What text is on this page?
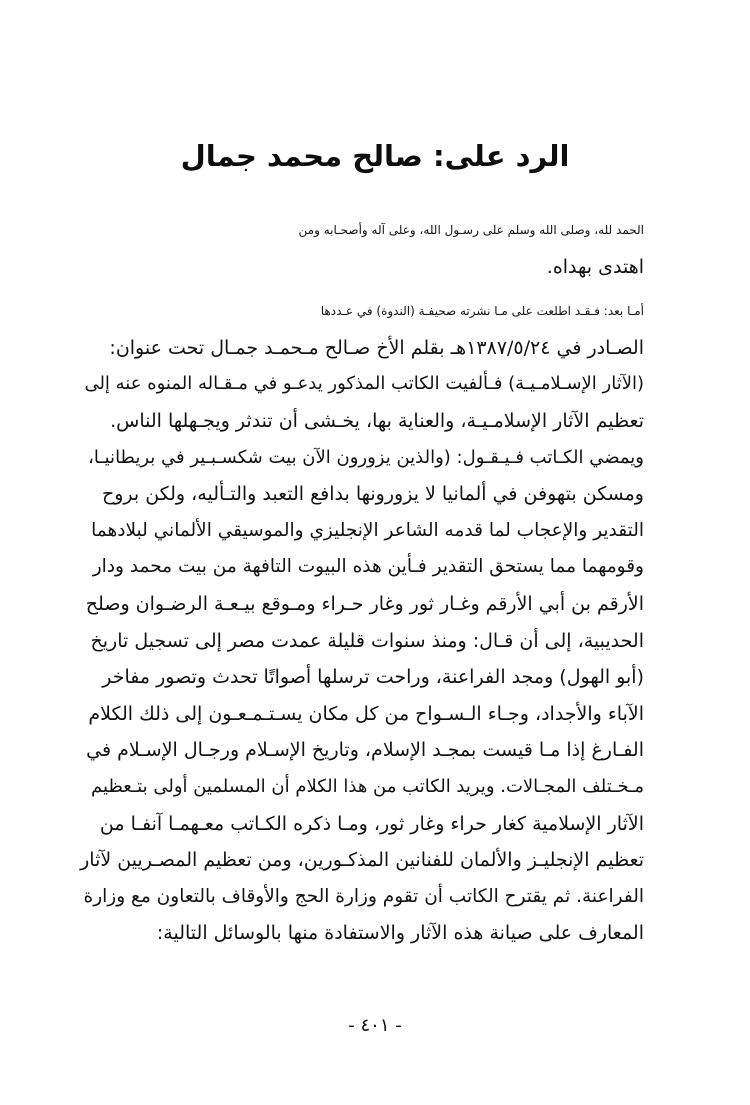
الرد على: صالح محمد جمال

الحمد لله، وصلى الله وسلم على رسـول الله، وعلى آله وأصحـابه ومن
اهتدى بهداه.

أمـا بعد: فـقـد اطلعت على مـا نشرته صحيفـة (الندوة) في عـددها
الصـادر في ١٣٨٧/٥/٢٤هـ بقلم الأخ صـالح مـحمـد جمـال تحت عنوان:
(الآثار الإسـلامـيـة) فـألفيت الكاتب المذكور يدعـو في مـقـاله المنوه عنه إلى
تعظيم الآثار الإسلامـيـة، والعناية بها، يخـشى أن تندثر ويجـهلها الناس.
ويمضي الكـاتب فـيـقـول: (والذين يزورون الآن بيت شكسـبـير في بريطانيـا،
ومسكن بتهوفن في ألمانيا لا يزورونها بدافع التعبد والتـأليه، ولكن بروح
التقدير والإعجاب لما قدمه الشاعر الإنجليزي والموسيقي الألماني لبلادهما
وقومهما مما يستحق التقدير فـأين هذه البيوت التافهة من بيت محمد ودار
الأرقم بن أبي الأرقم وغـار ثور وغار حـراء ومـوقع بيـعـة الرضـوان وصلح
الحديبية، إلى أن قـال: ومنذ سنوات قليلة عمدت مصر إلى تسجيل تاريخ
(أبو الهول) ومجد الفراعنة، وراحت ترسلها أصواتًا تحدث وتصور مفاخر
الآباء والأجداد، وجـاء الـسـواح من كل مكان يسـتـمـعـون إلى ذلك الكلام
الفـارغ إذا مـا قيست بمجـد الإسلام، وتاريخ الإسـلام ورجـال الإسـلام في
مـخـتلف المجـالات. ويريد الكاتب من هذا الكلام أن المسلمين أولى بتـعظيم
الآثار الإسلامية كغار حراء وغار ثور، ومـا ذكره الكـاتب معـهمـا آنفـا من
تعظيم الإنجليـز والألمان للفنانين المذكـورين، ومن تعظيم المصـريين لآثار
الفراعنة. ثم يقترح الكاتب أن تقوم وزارة الحج والأوقاف بالتعاون مع وزارة
المعارف على صيانة هذه الآثار والاستفادة منها بالوسائل التالية:

- ٤٠١ -
